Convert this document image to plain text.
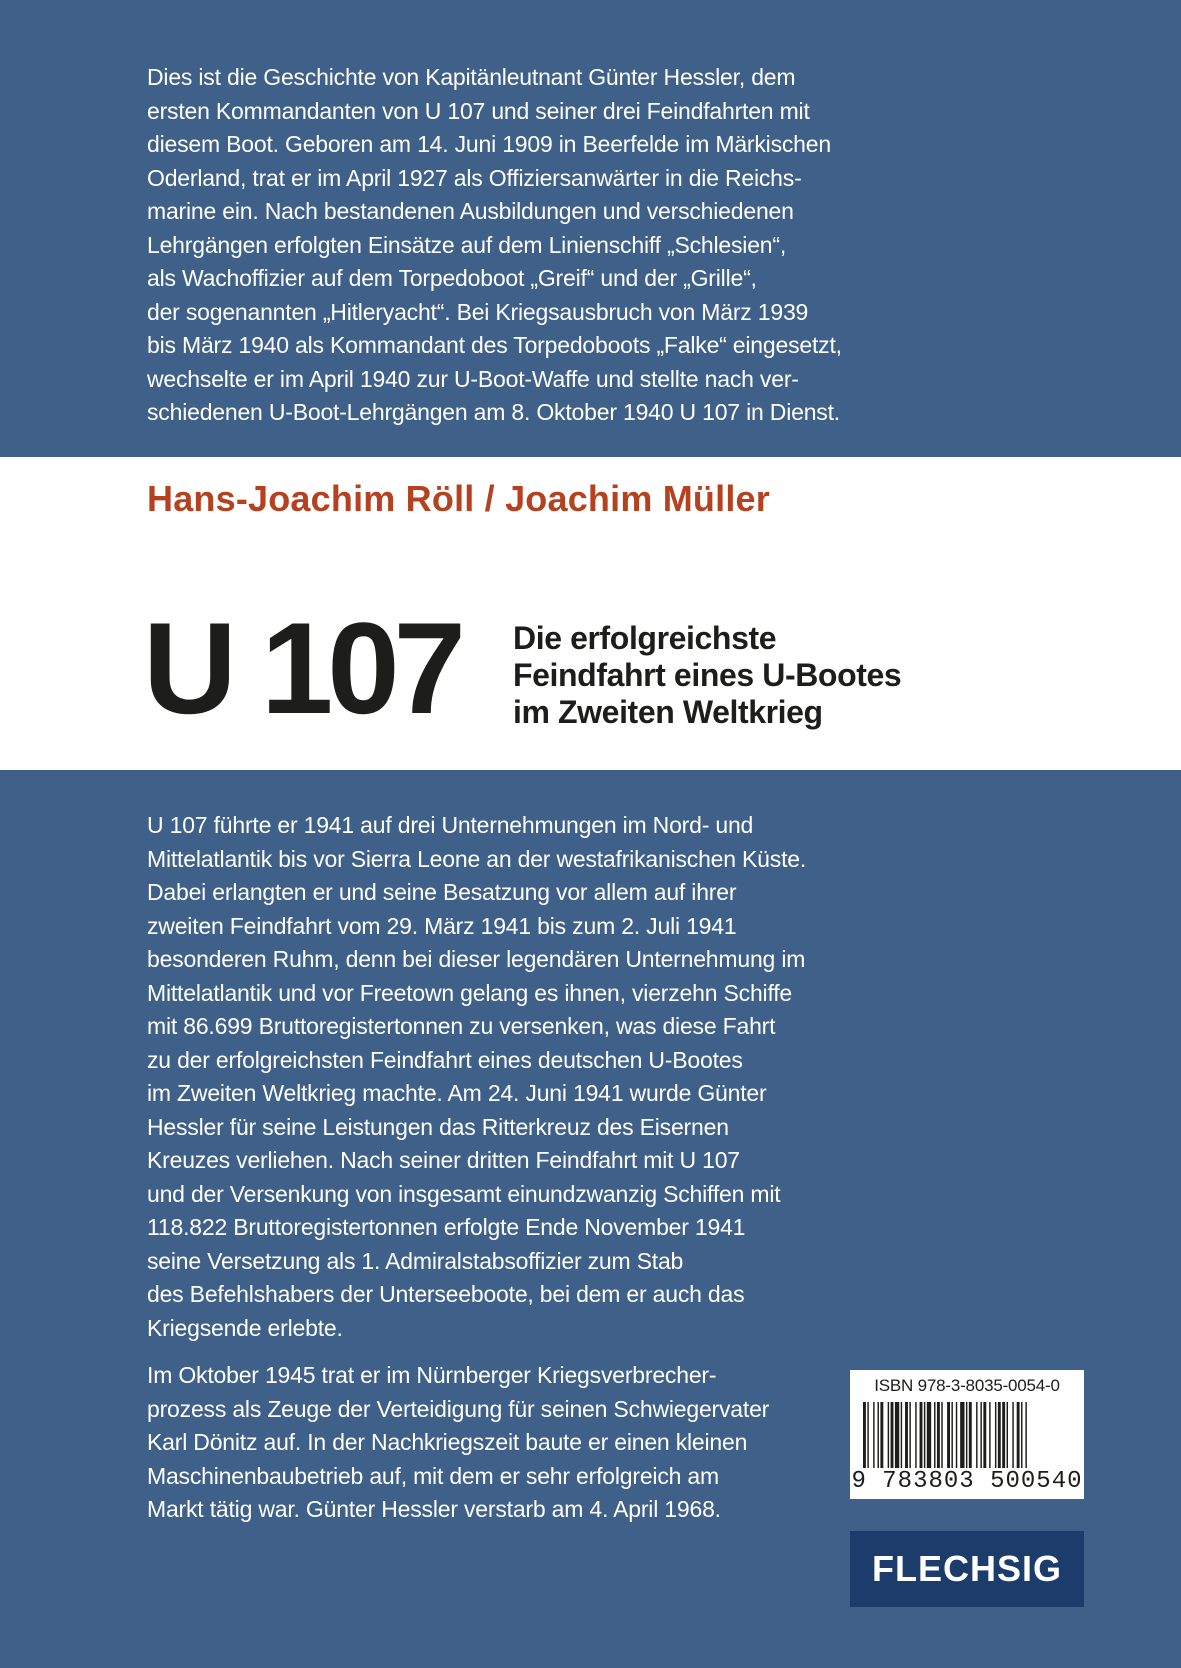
Dies ist die Geschichte von Kapitänleutnant Günter Hessler, dem
ersten Kommandanten von U 107 und seiner drei Feindfahrten mit
diesem Boot. Geboren am 14. Juni 1909 in Beerfelde im Märkischen
Oderland, trat er im April 1927 als Offiziersanwärter in die Reichs-
marine ein. Nach bestandenen Ausbildungen und verschiedenen
Lehrgängen erfolgten Einsätze auf dem Linienschiff „Schlesien“,
als Wachoffizier auf dem Torpedoboot „Greif“ und der „Grille“,
der sogenannten „Hitleryacht“. Bei Kriegsausbruch von März 1939
bis März 1940 als Kommandant des Torpedoboots „Falke“ eingesetzt,
wechselte er im April 1940 zur U-Boot-Waffe und stellte nach ver-
schiedenen U-Boot-Lehrgängen am 8. Oktober 1940 U 107 in Dienst.

Hans-Joachim Röll / Joachim Müller

U 107 Die erfolgreichste
Feindfahrt eines U-Bootes
im Zweiten Weltkrieg
U 107 führte er 1941 auf drei Unternehmungen im Nord- und
Mittelatlantik bis vor Sierra Leone an der westafrikanischen Küste.
Dabei erlangten er und seine Besatzung vor allem auf ihrer
zweiten Feindfahrt vom 29. März 1941 bis zum 2. Juli 1941
besonderen Ruhm, denn bei dieser legendären Unternehmung im
Mittelatlantik und vor Freetown gelang es ihnen, vierzehn Schiffe
mit 86.699 Bruttoregistertonnen zu versenken, was diese Fahrt
zu der erfolgreichsten Feindfahrt eines deutschen U-Bootes
im Zweiten Weltkrieg machte. Am 24. Juni 1941 wurde Günter
Hessler für seine Leistungen das Ritterkreuz des Eisernen
Kreuzes verliehen. Nach seiner dritten Feindfahrt mit U 107
und der Versenkung von insgesamt einundzwanzig Schiffen mit
118.822 Bruttoregistertonnen erfolgte Ende November 1941
seine Versetzung als 1. Admiralstabsoffizier zum Stab
des Befehlshabers der Unterseeboote, bei dem er auch das
Kriegsende erlebte.
Im Oktober 1945 trat er im Nürnberger Kriegsverbrecher-
prozess als Zeuge der Verteidigung für seinen Schwiegervater
Karl Dönitz auf. In der Nachkriegszeit baute er einen kleinen
Maschinenbaubetrieb auf, mit dem er sehr erfolgreich am
Markt tätig war. Günter Hessler verstarb am 4. April 1968.
ISBN 978-3-8035-0054-0
9 783803 500540
FLECHSIG
